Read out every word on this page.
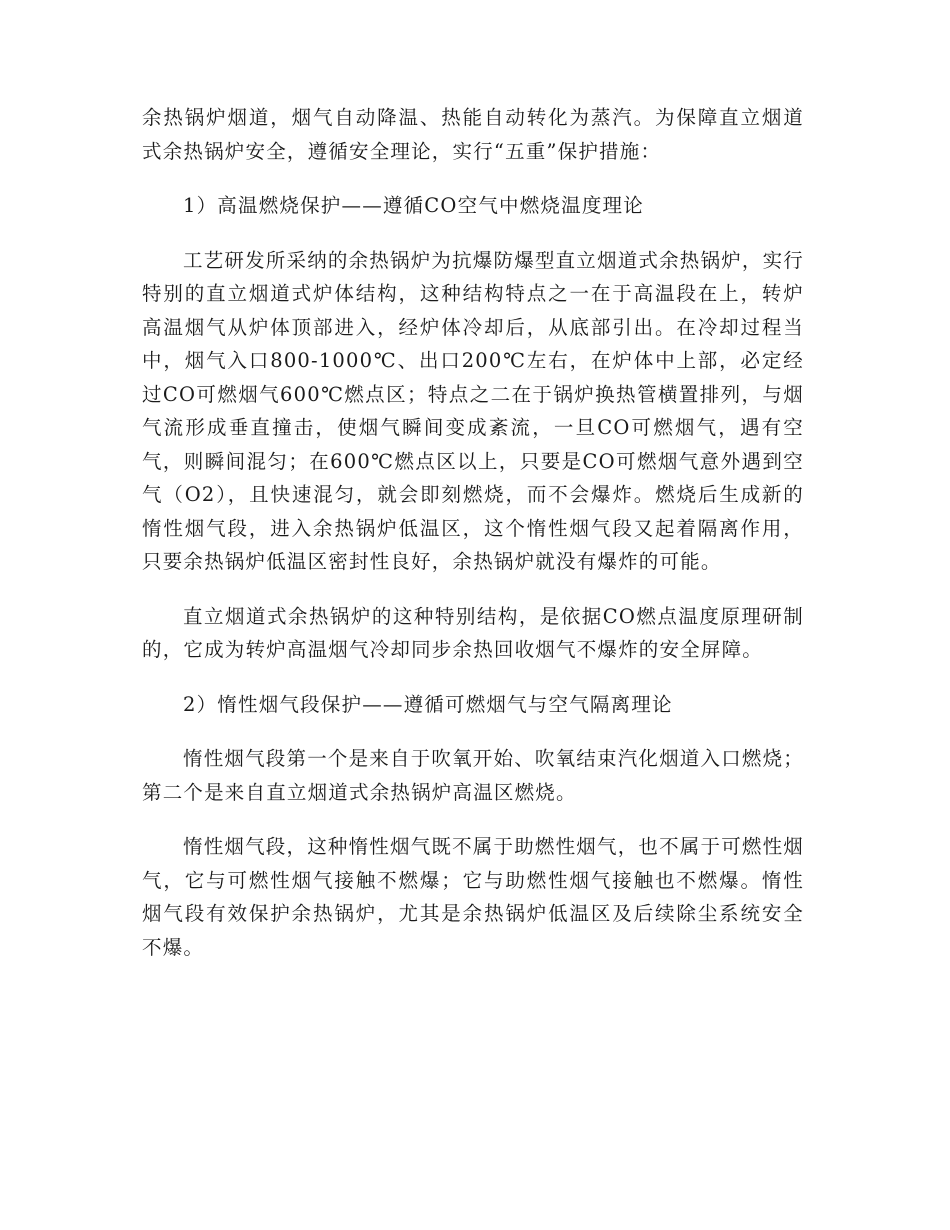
余热锅炉烟道，烟气自动降温、热能自动转化为蒸汽。为保障直立烟道式余热锅炉安全，遵循安全理论，实行“五重”保护措施：

1）高温燃烧保护——遵循CO空气中燃烧温度理论

工艺研发所采纳的余热锅炉为抗爆防爆型直立烟道式余热锅炉，实行特别的直立烟道式炉体结构，这种结构特点之一在于高温段在上，转炉高温烟气从炉体顶部进入，经炉体冷却后，从底部引出。在冷却过程当中，烟气入口800-1000℃、出口200℃左右，在炉体中上部，必定经过CO可燃烟气600℃燃点区；特点之二在于锅炉换热管横置排列，与烟气流形成垂直撞击，使烟气瞬间变成紊流，一旦CO可燃烟气，遇有空气，则瞬间混匀；在600℃燃点区以上，只要是CO可燃烟气意外遇到空气（O2），且快速混匀，就会即刻燃烧，而不会爆炸。燃烧后生成新的惰性烟气段，进入余热锅炉低温区，这个惰性烟气段又起着隔离作用，只要余热锅炉低温区密封性良好，余热锅炉就没有爆炸的可能。

直立烟道式余热锅炉的这种特别结构，是依据CO燃点温度原理研制的，它成为转炉高温烟气冷却同步余热回收烟气不爆炸的安全屏障。

2）惰性烟气段保护——遵循可燃烟气与空气隔离理论

惰性烟气段第一个是来自于吹氧开始、吹氧结束汽化烟道入口燃烧；第二个是来自直立烟道式余热锅炉高温区燃烧。

惰性烟气段，这种惰性烟气既不属于助燃性烟气，也不属于可燃性烟气，它与可燃性烟气接触不燃爆；它与助燃性烟气接触也不燃爆。惰性烟气段有效保护余热锅炉，尤其是余热锅炉低温区及后续除尘系统安全不爆。
